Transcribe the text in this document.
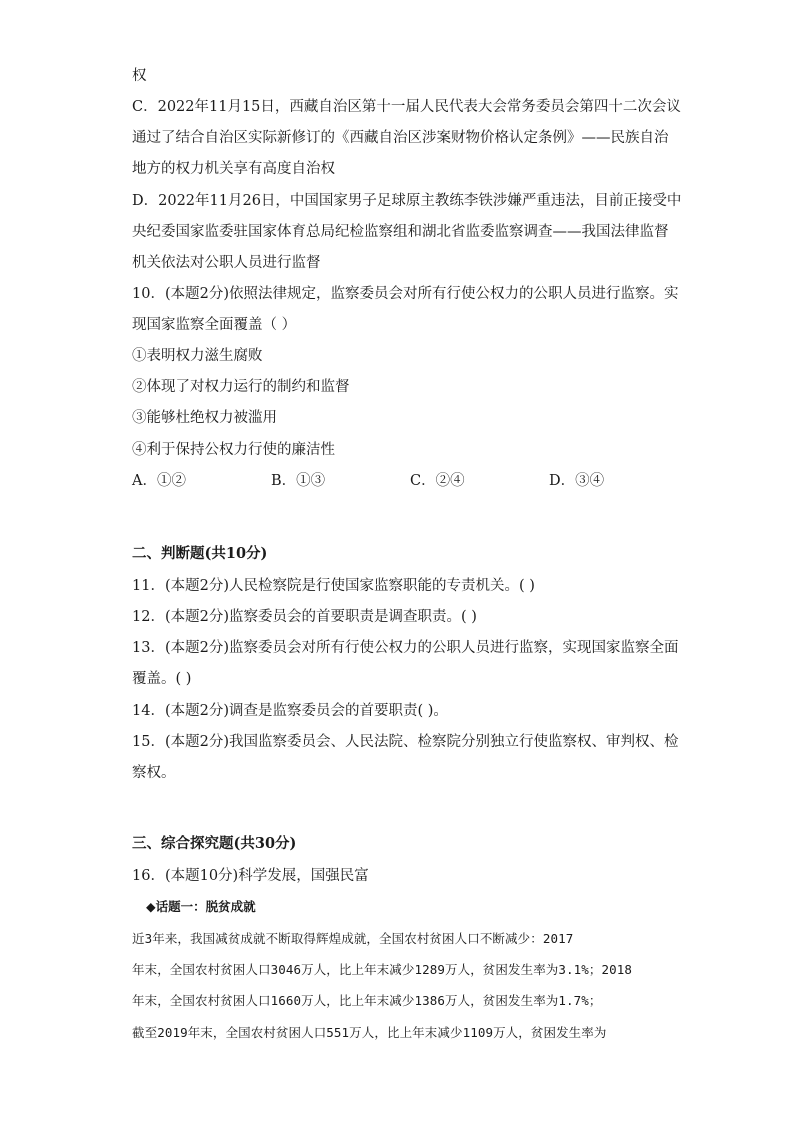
权
C．2022年11月15日，西藏自治区第十一届人民代表大会常务委员会第四十二次会议
通过了结合自治区实际新修订的《西藏自治区涉案财物价格认定条例》——民族自治
地方的权力机关享有高度自治权
D．2022年11月26日，中国国家男子足球原主教练李铁涉嫌严重违法，目前正接受中
央纪委国家监委驻国家体育总局纪检监察组和湖北省监委监察调查——我国法律监督
机关依法对公职人员进行监督
10．(本题2分)依照法律规定，监察委员会对所有行使公权力的公职人员进行监察。实
现国家监察全面覆盖（ ）
①表明权力滋生腐败
②体现了对权力运行的制约和监督
③能够杜绝权力被滥用
④利于保持公权力行使的廉洁性
A．①②	B．①③	C．②④	D．③④
二、判断题(共10分)
11．(本题2分)人民检察院是行使国家监察职能的专责机关。( )
12．(本题2分)监察委员会的首要职责是调查职责。( )
13．(本题2分)监察委员会对所有行使公权力的公职人员进行监察，实现国家监察全面
覆盖。( )
14．(本题2分)调查是监察委员会的首要职责( )。
15．(本题2分)我国监察委员会、人民法院、检察院分别独立行使监察权、审判权、检
察权。
三、综合探究题(共30分)
16．(本题10分)科学发展，国强民富
◆话题一：脱贫成就
近3年来，我国减贫成就不断取得辉煌成就，全国农村贫困人口不断减少：2017
年末，全国农村贫困人口3046万人，比上年末减少1289万人，贫困发生率为3.1%；2018
年末，全国农村贫困人口1660万人，比上年末减少1386万人，贫困发生率为1.7%；
截至2019年末，全国农村贫困人口551万人，比上年末减少1109万人，贫困发生率为
